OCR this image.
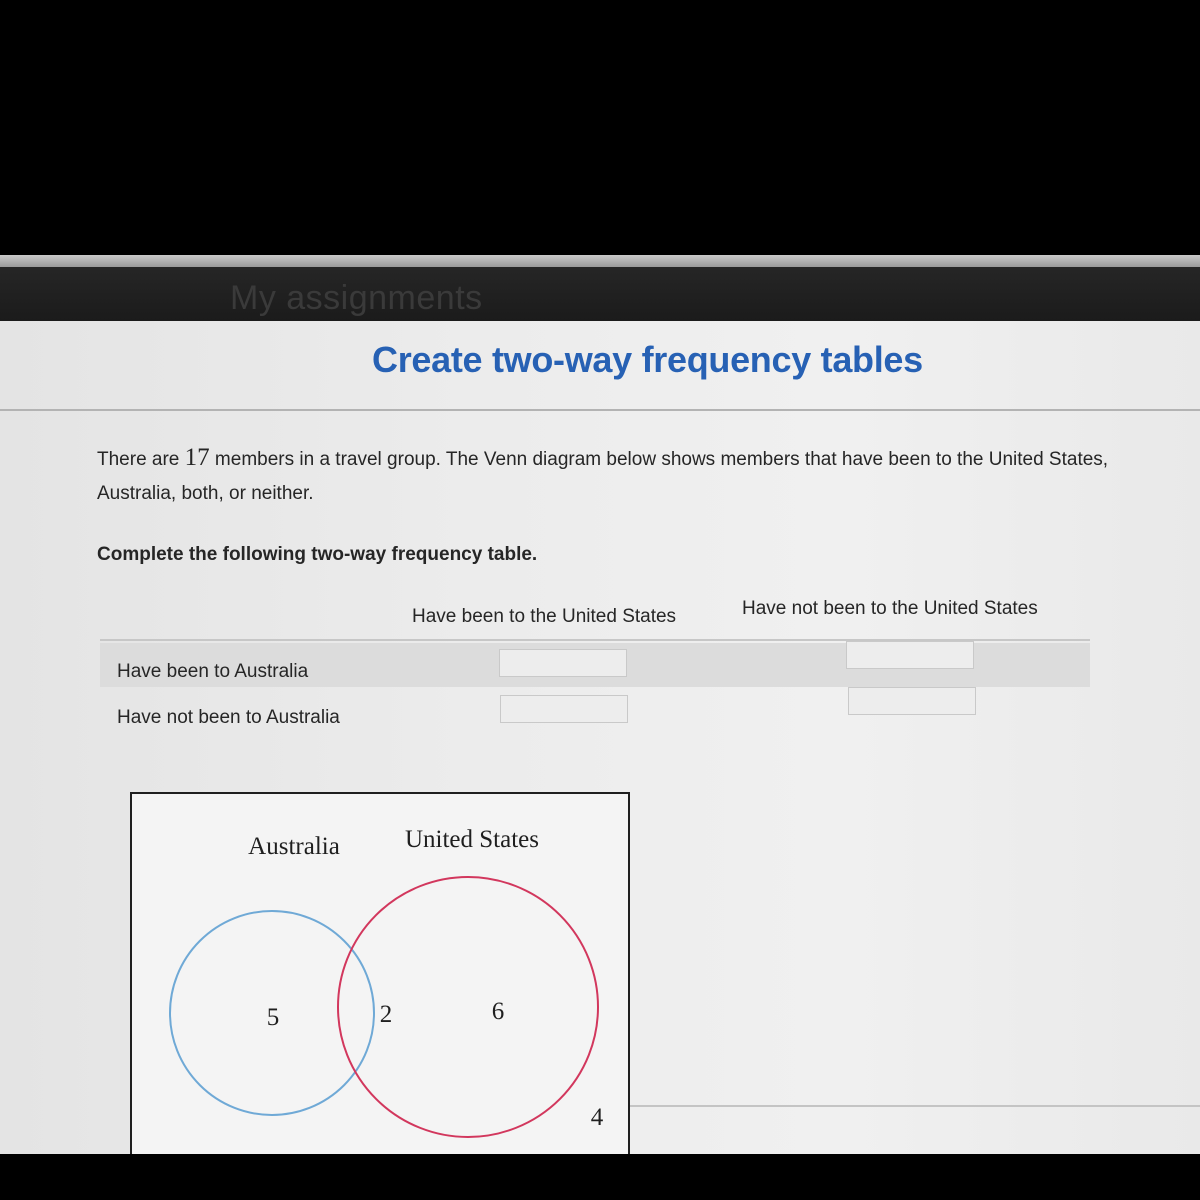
My assignments
Create two-way frequency tables
There are 17 members in a travel group. The Venn diagram below shows members that have been to the United States, Australia, both, or neither.
Complete the following two-way frequency table.
Have been to the United States	Have not been to the United States
Have been to Australia
Have not been to Australia
Australia	United States
5	2	6
4
